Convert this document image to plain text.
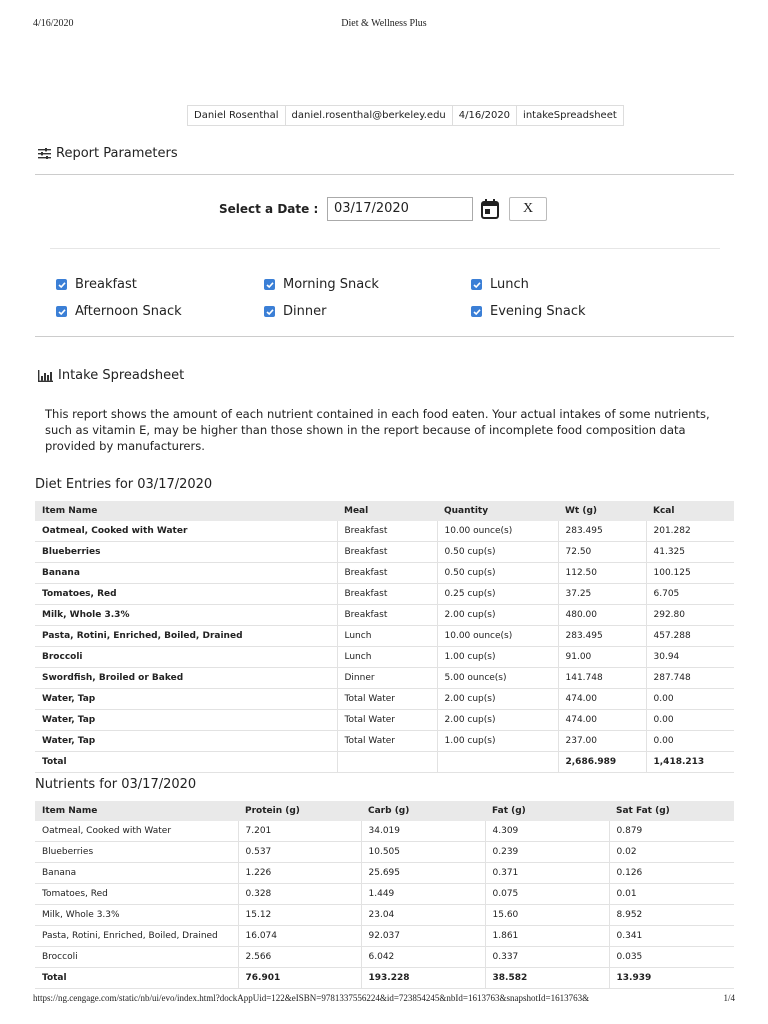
4/16/2020	Diet & Wellness Plus
Daniel Rosenthal	daniel.rosenthal@berkeley.edu	4/16/2020	intakeSpreadsheet
Report Parameters
Select a Date :	03/17/2020	X
Breakfast	Morning Snack	Lunch
Afternoon Snack	Dinner	Evening Snack
Intake Spreadsheet
This report shows the amount of each nutrient contained in each food eaten. Your actual intakes of some nutrients, such as vitamin E, may be higher than those shown in the report because of incomplete food composition data provided by manufacturers.
Diet Entries for 03/17/2020
Item Name	Meal	Quantity	Wt (g)	Kcal
Oatmeal, Cooked with Water	Breakfast	10.00 ounce(s)	283.495	201.282
Blueberries	Breakfast	0.50 cup(s)	72.50	41.325
Banana	Breakfast	0.50 cup(s)	112.50	100.125
Tomatoes, Red	Breakfast	0.25 cup(s)	37.25	6.705
Milk, Whole 3.3%	Breakfast	2.00 cup(s)	480.00	292.80
Pasta, Rotini, Enriched, Boiled, Drained	Lunch	10.00 ounce(s)	283.495	457.288
Broccoli	Lunch	1.00 cup(s)	91.00	30.94
Swordfish, Broiled or Baked	Dinner	5.00 ounce(s)	141.748	287.748
Water, Tap	Total Water	2.00 cup(s)	474.00	0.00
Water, Tap	Total Water	2.00 cup(s)	474.00	0.00
Water, Tap	Total Water	1.00 cup(s)	237.00	0.00
Total			2,686.989	1,418.213
Nutrients for 03/17/2020
Item Name	Protein (g)	Carb (g)	Fat (g)	Sat Fat (g)
Oatmeal, Cooked with Water	7.201	34.019	4.309	0.879
Blueberries	0.537	10.505	0.239	0.02
Banana	1.226	25.695	0.371	0.126
Tomatoes, Red	0.328	1.449	0.075	0.01
Milk, Whole 3.3%	15.12	23.04	15.60	8.952
Pasta, Rotini, Enriched, Boiled, Drained	16.074	92.037	1.861	0.341
Broccoli	2.566	6.042	0.337	0.035
Total	76.901	193.228	38.582	13.939
https://ng.cengage.com/static/nb/ui/evo/index.html?dockAppUid=122&eISBN=9781337556224&id=723854245&nbId=1613763&snapshotId=1613763&	1/4
